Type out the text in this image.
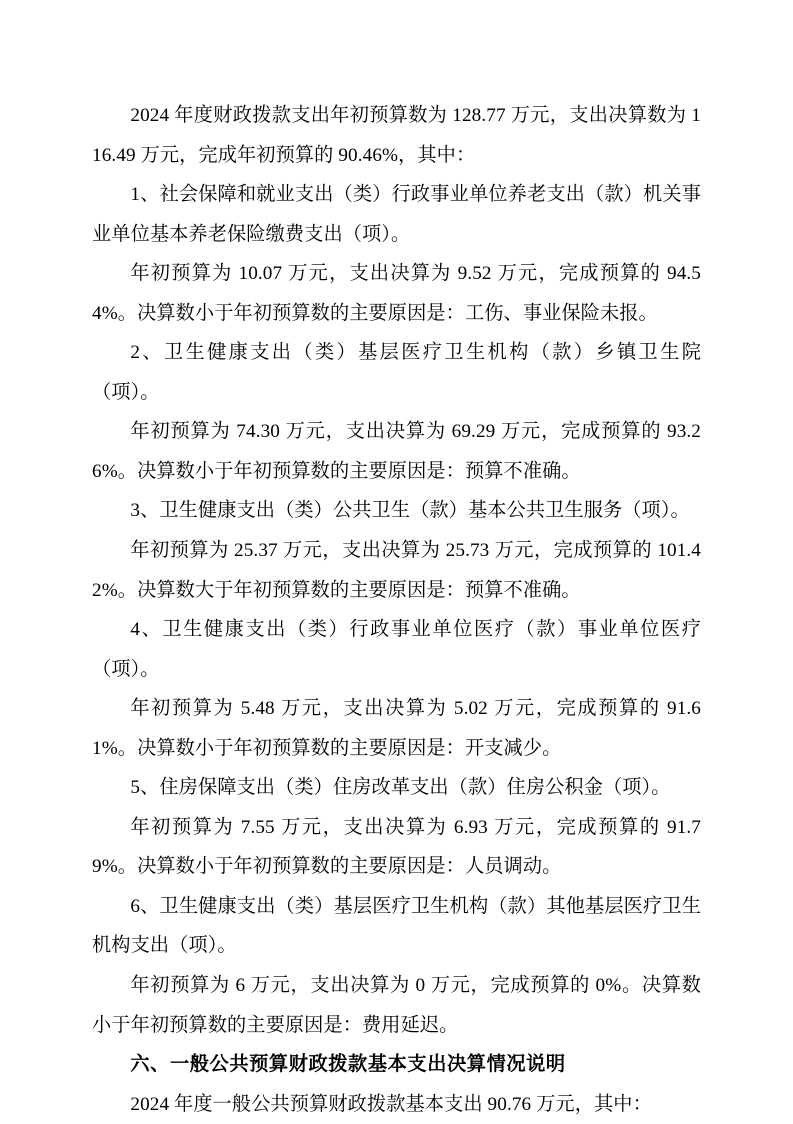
2024 年度财政拨款支出年初预算数为 128.77 万元，支出决算数为 116.49 万元，完成年初预算的 90.46%，其中：

1、社会保障和就业支出（类）行政事业单位养老支出（款）机关事业单位基本养老保险缴费支出（项）。

年初预算为 10.07 万元，支出决算为 9.52 万元，完成预算的 94.54%。决算数小于年初预算数的主要原因是：工伤、事业保险未报。

2、卫生健康支出（类）基层医疗卫生机构（款）乡镇卫生院（项）。

年初预算为 74.30 万元，支出决算为 69.29 万元，完成预算的 93.26%。决算数小于年初预算数的主要原因是：预算不准确。

3、卫生健康支出（类）公共卫生（款）基本公共卫生服务（项）。

年初预算为 25.37 万元，支出决算为 25.73 万元，完成预算的 101.42%。决算数大于年初预算数的主要原因是：预算不准确。

4、卫生健康支出（类）行政事业单位医疗（款）事业单位医疗（项）。

年初预算为 5.48 万元，支出决算为 5.02 万元，完成预算的 91.61%。决算数小于年初预算数的主要原因是：开支减少。

5、住房保障支出（类）住房改革支出（款）住房公积金（项）。

年初预算为 7.55 万元，支出决算为 6.93 万元，完成预算的 91.79%。决算数小于年初预算数的主要原因是：人员调动。

6、卫生健康支出（类）基层医疗卫生机构（款）其他基层医疗卫生机构支出（项）。

年初预算为 6 万元，支出决算为 0 万元，完成预算的 0%。决算数小于年初预算数的主要原因是：费用延迟。

六、一般公共预算财政拨款基本支出决算情况说明

2024 年度一般公共预算财政拨款基本支出 90.76 万元，其中：
